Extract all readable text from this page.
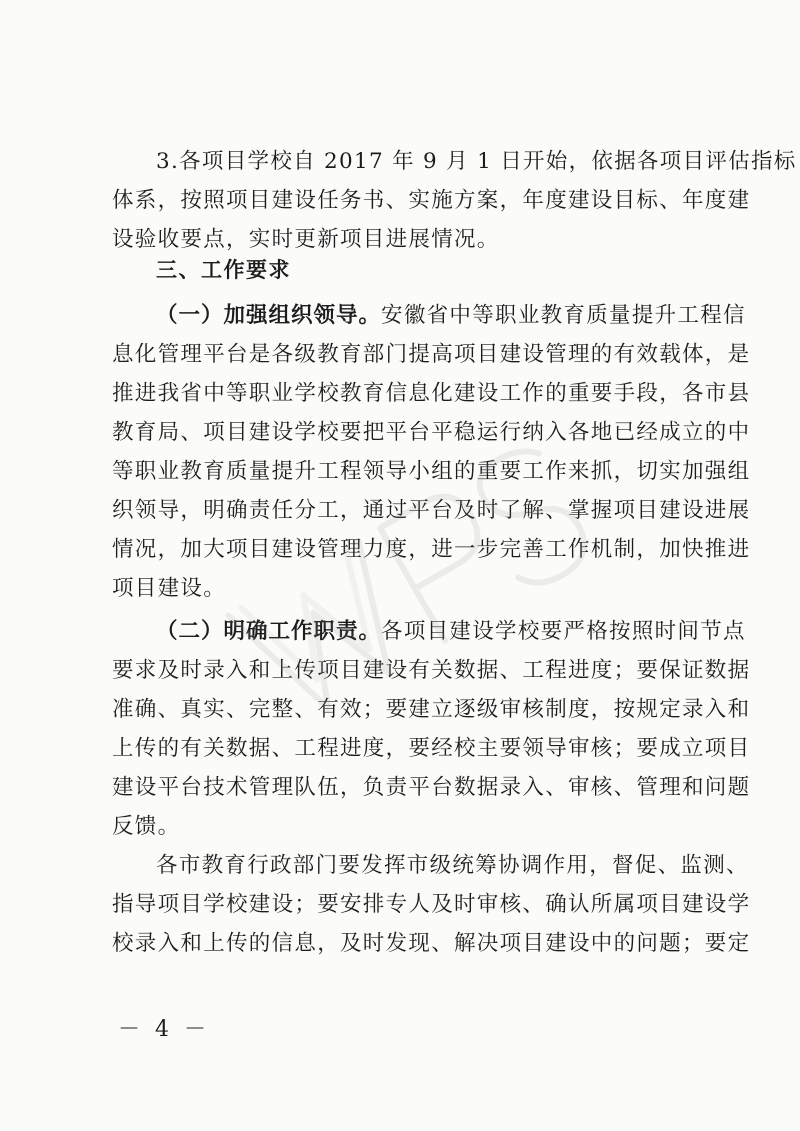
3.各项目学校自 2017 年 9 月 1 日开始，依据各项目评估指标
体系，按照项目建设任务书、实施方案，年度建设目标、年度建
设验收要点，实时更新项目进展情况。
三、工作要求
（一）加强组织领导。安徽省中等职业教育质量提升工程信
息化管理平台是各级教育部门提高项目建设管理的有效载体，是
推进我省中等职业学校教育信息化建设工作的重要手段，各市县
教育局、项目建设学校要把平台平稳运行纳入各地已经成立的中
等职业教育质量提升工程领导小组的重要工作来抓，切实加强组
织领导，明确责任分工，通过平台及时了解、掌握项目建设进展
情况，加大项目建设管理力度，进一步完善工作机制，加快推进
项目建设。
（二）明确工作职责。各项目建设学校要严格按照时间节点
要求及时录入和上传项目建设有关数据、工程进度；要保证数据
准确、真实、完整、有效；要建立逐级审核制度，按规定录入和
上传的有关数据、工程进度，要经校主要领导审核；要成立项目
建设平台技术管理队伍，负责平台数据录入、审核、管理和问题
反馈。
各市教育行政部门要发挥市级统筹协调作用，督促、监测、
指导项目学校建设；要安排专人及时审核、确认所属项目建设学
校录入和上传的信息，及时发现、解决项目建设中的问题；要定
－ 4 －
